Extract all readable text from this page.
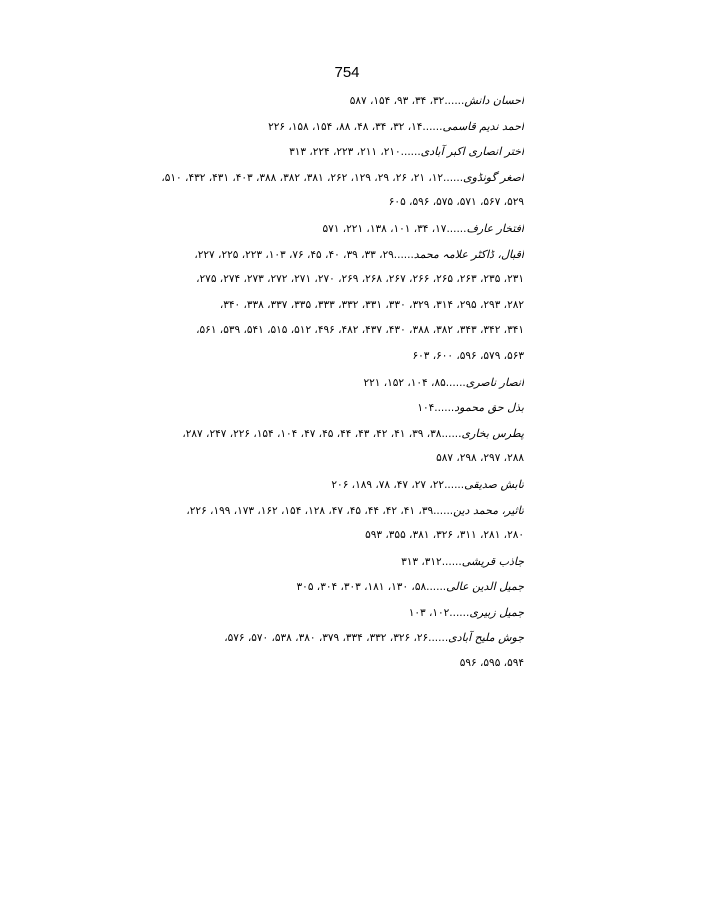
754
احسان دانش......۳۲، ۳۴، ۹۳، ۱۵۴، ۵۸۷
احمد ندیم قاسمی......۱۴، ۳۲، ۳۴، ۴۸، ۸۸، ۱۵۴، ۱۵۸، ۲۲۶
اختر انصاری اکبر آبادی......۲۱۰، ۲۱۱، ۲۲۳، ۲۲۴، ۳۱۳
اصغر گونڈوی......۱۲، ۲۱، ۲۶، ۲۹، ۱۲۹، ۲۶۲، ۳۸۱، ۳۸۲، ۳۸۸، ۴۰۳، ۴۳۱، ۴۳۲، ۵۱۰،
۵۲۹، ۵۶۷، ۵۷۱، ۵۷۵، ۵۹۶، ۶۰۵
افتخار عارف......۱۷، ۳۴، ۱۰۱، ۱۳۸، ۲۲۱، ۵۷۱
اقبال، ڈاکٹر علامہ محمد......۲۹، ۳۳، ۳۹، ۴۰، ۴۵، ۷۶، ۱۰۳، ۲۲۳، ۲۲۵، ۲۲۷،
۲۳۱، ۲۳۵، ۲۶۳، ۲۶۵، ۲۶۶، ۲۶۷، ۲۶۸، ۲۶۹، ۲۷۰، ۲۷۱، ۲۷۲، ۲۷۳، ۲۷۴، ۲۷۵،
۲۸۲، ۲۹۳، ۲۹۵، ۳۱۴، ۳۲۹، ۳۳۰، ۳۳۱، ۳۳۲، ۳۳۳، ۳۳۵، ۳۳۷، ۳۳۸، ۳۴۰،
۳۴۱، ۳۴۲، ۳۴۳، ۳۸۲، ۳۸۸، ۴۳۰، ۴۳۷، ۴۸۲، ۴۹۶، ۵۱۲، ۵۱۵، ۵۴۱، ۵۳۹، ۵۶۱،
۵۶۳، ۵۷۹، ۵۹۶، ۶۰۰، ۶۰۳
انصار ناصری......۸۵، ۱۰۴، ۱۵۲، ۲۲۱
بذل حق محمود......۱۰۴
پطرس بخاری......۳۸، ۳۹، ۴۱، ۴۲، ۴۳، ۴۴، ۴۵، ۴۷، ۱۰۴، ۱۵۴، ۲۲۶، ۲۴۷، ۲۸۷،
۲۸۸، ۲۹۷، ۲۹۸، ۵۸۷
تابش صدیقی......۲۲، ۲۷، ۴۷، ۷۸، ۱۸۹، ۲۰۶
تاثیر، محمد دین......۳۹، ۴۱، ۴۲، ۴۴، ۴۵، ۴۷، ۱۲۸، ۱۵۴، ۱۶۲، ۱۷۳، ۱۹۹، ۲۲۶،
۲۸۰، ۲۸۱، ۳۱۱، ۳۲۶، ۳۸۱، ۳۵۵، ۵۹۳
جاذب قریشی......۳۱۲، ۳۱۳
جمیل الدین عالی......۵۸، ۱۳۰، ۱۸۱، ۳۰۳، ۳۰۴، ۳۰۵
جمیل زبیری......۱۰۲، ۱۰۳
جوش ملیح آبادی......۲۶، ۳۲۶، ۳۳۲، ۳۳۴، ۳۷۹، ۳۸۰، ۵۳۸، ۵۷۰، ۵۷۶،
۵۹۴، ۵۹۵، ۵۹۶
